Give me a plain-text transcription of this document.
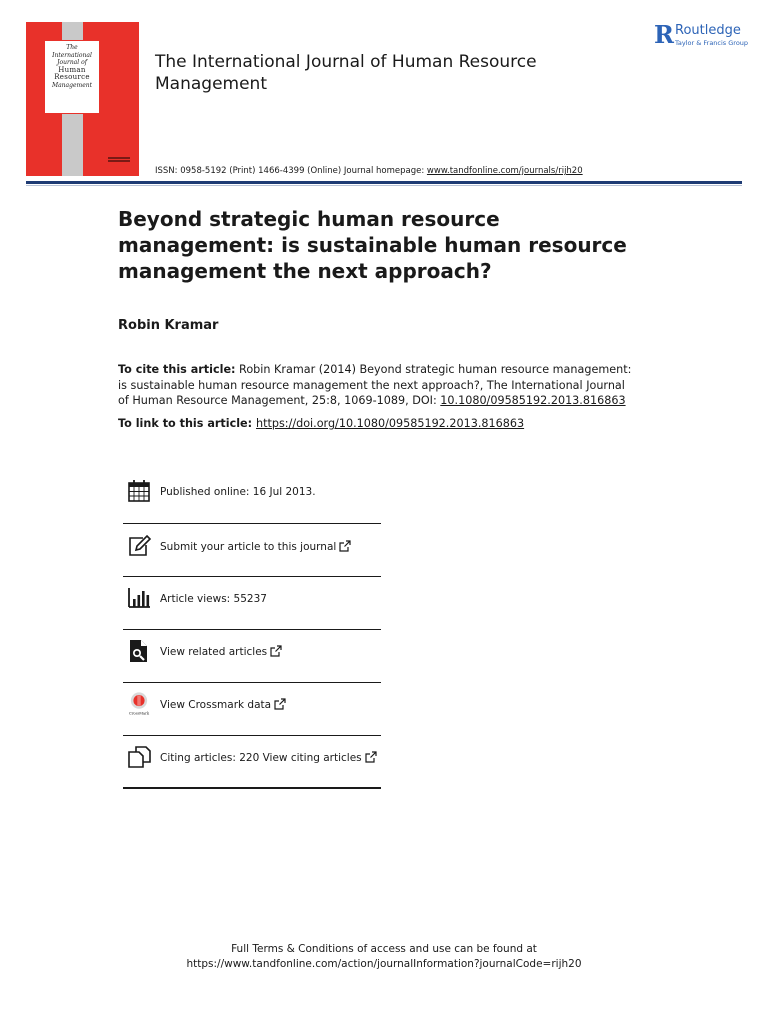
The
International
Journal of
Human
Resource
Management
The International Journal of Human Resource Management
R Routledge
Taylor & Francis Group
ISSN: 0958-5192 (Print) 1466-4399 (Online) Journal homepage: www.tandfonline.com/journals/rijh20
Beyond strategic human resource management: is sustainable human resource management the next approach?
Robin Kramar
To cite this article: Robin Kramar (2014) Beyond strategic human resource management: is sustainable human resource management the next approach?, The International Journal of Human Resource Management, 25:8, 1069-1089, DOI: 10.1080/09585192.2013.816863
To link to this article: https://doi.org/10.1080/09585192.2013.816863
Published online: 16 Jul 2013.
Submit your article to this journal
Article views: 55237
View related articles
CrossMark
View Crossmark data
Citing articles: 220 View citing articles
Full Terms & Conditions of access and use can be found at
https://www.tandfonline.com/action/journalInformation?journalCode=rijh20
